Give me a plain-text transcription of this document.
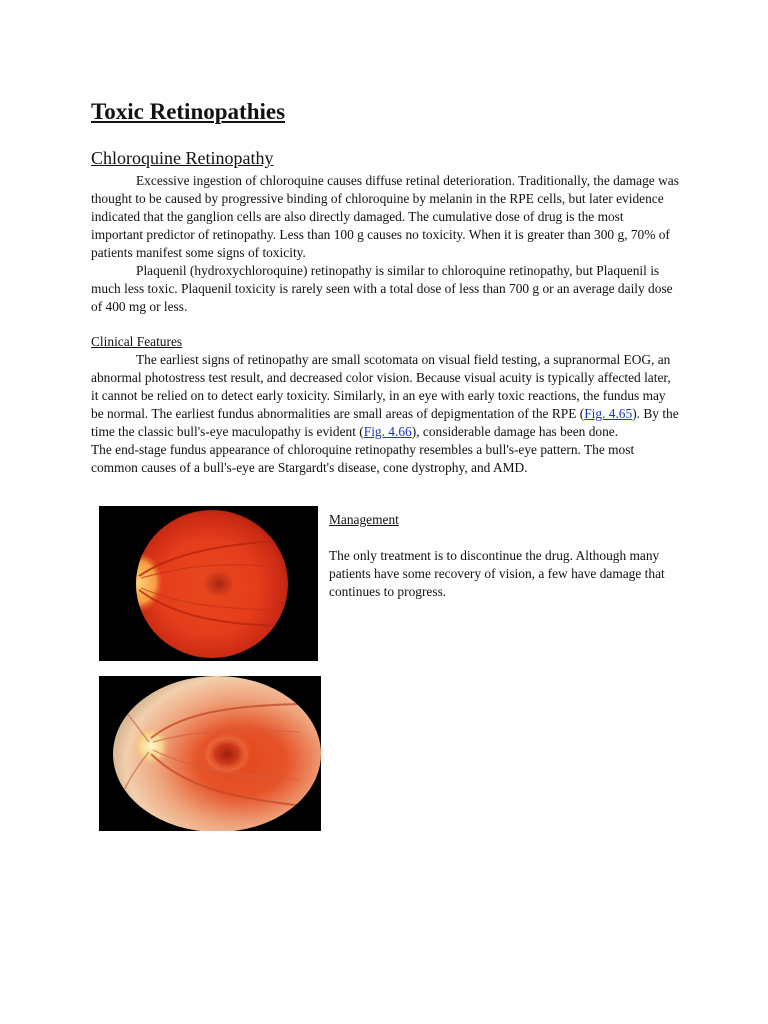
Toxic Retinopathies
Chloroquine Retinopathy

Excessive ingestion of chloroquine causes diffuse retinal deterioration. Traditionally, the damage was thought to be caused by progressive binding of chloroquine by melanin in the RPE cells, but later evidence indicated that the ganglion cells are also directly damaged. The cumulative dose of drug is the most important predictor of retinopathy. Less than 100 g causes no toxicity. When it is greater than 300 g, 70% of patients manifest some signs of toxicity.

Plaquenil (hydroxychloroquine) retinopathy is similar to chloroquine retinopathy, but Plaquenil is much less toxic. Plaquenil toxicity is rarely seen with a total dose of less than 700 g or an average daily dose of 400 mg or less.

Clinical Features

The earliest signs of retinopathy are small scotomata on visual field testing, a supranormal EOG, an abnormal photostress test result, and decreased color vision. Because visual acuity is typically affected later, it cannot be relied on to detect early toxicity. Similarly, in an eye with early toxic reactions, the fundus may be normal. The earliest fundus abnormalities are small areas of depigmentation of the RPE (Fig. 4.65). By the time the classic bull's-eye maculopathy is evident (Fig. 4.66), considerable damage has been done.

The end-stage fundus appearance of chloroquine retinopathy resembles a bull's-eye pattern. The most common causes of a bull's-eye are Stargardt's disease, cone dystrophy, and AMD.

Management

The only treatment is to discontinue the drug. Although many patients have some recovery of vision, a few have damage that continues to progress.
